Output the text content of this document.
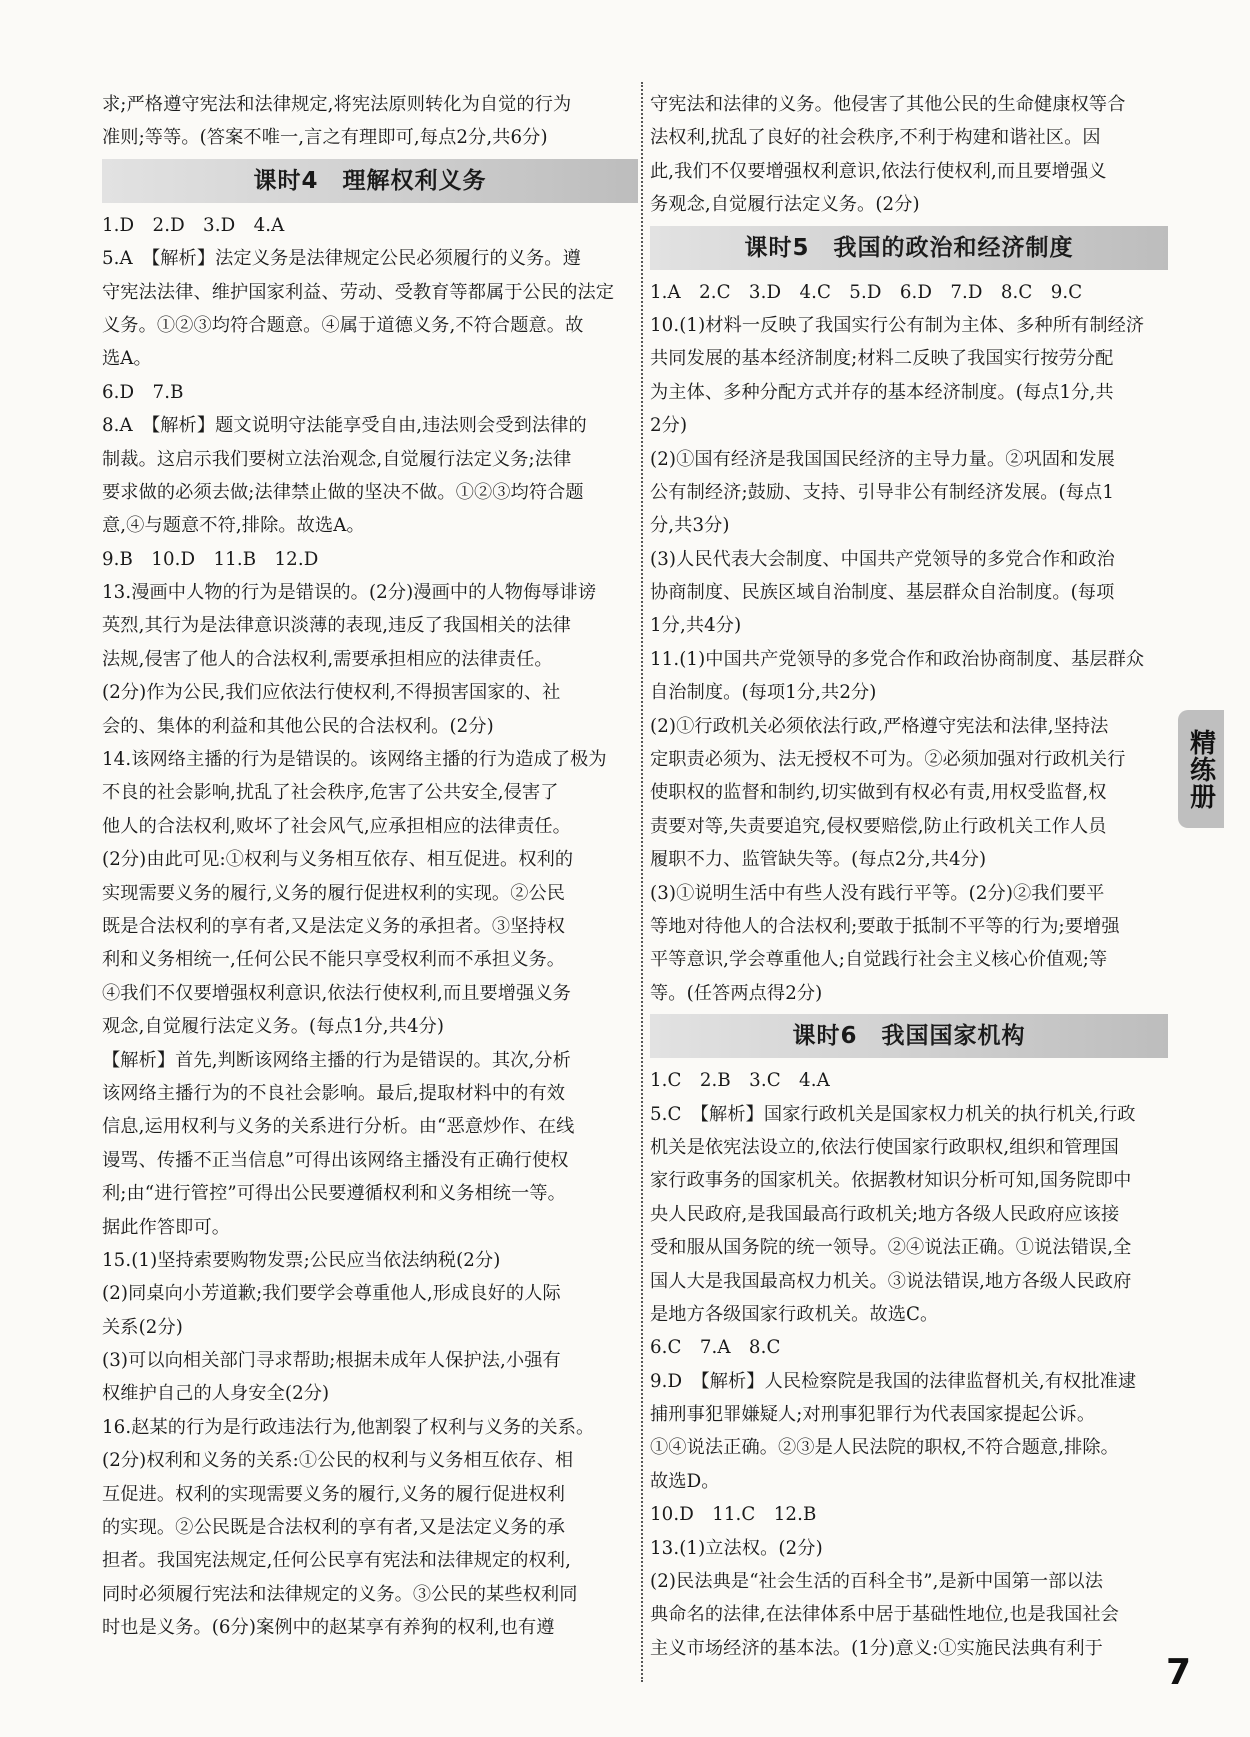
求;严格遵守宪法和法律规定,将宪法原则转化为自觉的行为
准则;等等。(答案不唯一,言之有理即可,每点2分,共6分)
课时4　理解权利义务
1.D　2.D　3.D　4.A
5.A　【解析】法定义务是法律规定公民必须履行的义务。遵
守宪法法律、维护国家利益、劳动、受教育等都属于公民的法定
义务。①②③均符合题意。④属于道德义务,不符合题意。故
选A。
6.D　7.B
8.A　【解析】题文说明守法能享受自由,违法则会受到法律的
制裁。这启示我们要树立法治观念,自觉履行法定义务;法律
要求做的必须去做;法律禁止做的坚决不做。①②③均符合题
意,④与题意不符,排除。故选A。
9.B　10.D　11.B　12.D
13.漫画中人物的行为是错误的。(2分)漫画中的人物侮辱诽谤
英烈,其行为是法律意识淡薄的表现,违反了我国相关的法律
法规,侵害了他人的合法权利,需要承担相应的法律责任。
(2分)作为公民,我们应依法行使权利,不得损害国家的、社
会的、集体的利益和其他公民的合法权利。(2分)
14.该网络主播的行为是错误的。该网络主播的行为造成了极为
不良的社会影响,扰乱了社会秩序,危害了公共安全,侵害了
他人的合法权利,败坏了社会风气,应承担相应的法律责任。
(2分)由此可见:①权利与义务相互依存、相互促进。权利的
实现需要义务的履行,义务的履行促进权利的实现。②公民
既是合法权利的享有者,又是法定义务的承担者。③坚持权
利和义务相统一,任何公民不能只享受权利而不承担义务。
④我们不仅要增强权利意识,依法行使权利,而且要增强义务
观念,自觉履行法定义务。(每点1分,共4分)
【解析】首先,判断该网络主播的行为是错误的。其次,分析
该网络主播行为的不良社会影响。最后,提取材料中的有效
信息,运用权利与义务的关系进行分析。由“恶意炒作、在线
谩骂、传播不正当信息”可得出该网络主播没有正确行使权
利;由“进行管控”可得出公民要遵循权利和义务相统一等。
据此作答即可。
15.(1)坚持索要购物发票;公民应当依法纳税(2分)
(2)同桌向小芳道歉;我们要学会尊重他人,形成良好的人际
关系(2分)
(3)可以向相关部门寻求帮助;根据未成年人保护法,小强有
权维护自己的人身安全(2分)
16.赵某的行为是行政违法行为,他割裂了权利与义务的关系。
(2分)权利和义务的关系:①公民的权利与义务相互依存、相
互促进。权利的实现需要义务的履行,义务的履行促进权利
的实现。②公民既是合法权利的享有者,又是法定义务的承
担者。我国宪法规定,任何公民享有宪法和法律规定的权利,
同时必须履行宪法和法律规定的义务。③公民的某些权利同
时也是义务。(6分)案例中的赵某享有养狗的权利,也有遵
守宪法和法律的义务。他侵害了其他公民的生命健康权等合
法权利,扰乱了良好的社会秩序,不利于构建和谐社区。因
此,我们不仅要增强权利意识,依法行使权利,而且要增强义
务观念,自觉履行法定义务。(2分)
课时5　我国的政治和经济制度
1.A　2.C　3.D　4.C　5.D　6.D　7.D　8.C　9.C
10.(1)材料一反映了我国实行公有制为主体、多种所有制经济
共同发展的基本经济制度;材料二反映了我国实行按劳分配
为主体、多种分配方式并存的基本经济制度。(每点1分,共
2分)
(2)①国有经济是我国国民经济的主导力量。②巩固和发展
公有制经济;鼓励、支持、引导非公有制经济发展。(每点1
分,共3分)
(3)人民代表大会制度、中国共产党领导的多党合作和政治
协商制度、民族区域自治制度、基层群众自治制度。(每项
1分,共4分)
11.(1)中国共产党领导的多党合作和政治协商制度、基层群众
自治制度。(每项1分,共2分)
(2)①行政机关必须依法行政,严格遵守宪法和法律,坚持法
定职责必须为、法无授权不可为。②必须加强对行政机关行
使职权的监督和制约,切实做到有权必有责,用权受监督,权
责要对等,失责要追究,侵权要赔偿,防止行政机关工作人员
履职不力、监管缺失等。(每点2分,共4分)
(3)①说明生活中有些人没有践行平等。(2分)②我们要平
等地对待他人的合法权利;要敢于抵制不平等的行为;要增强
平等意识,学会尊重他人;自觉践行社会主义核心价值观;等
等。(任答两点得2分)
课时6　我国国家机构
1.C　2.B　3.C　4.A
5.C　【解析】国家行政机关是国家权力机关的执行机关,行政
机关是依宪法设立的,依法行使国家行政职权,组织和管理国
家行政事务的国家机关。依据教材知识分析可知,国务院即中
央人民政府,是我国最高行政机关;地方各级人民政府应该接
受和服从国务院的统一领导。②④说法正确。①说法错误,全
国人大是我国最高权力机关。③说法错误,地方各级人民政府
是地方各级国家行政机关。故选C。
6.C　7.A　8.C
9.D　【解析】人民检察院是我国的法律监督机关,有权批准逮
捕刑事犯罪嫌疑人;对刑事犯罪行为代表国家提起公诉。
①④说法正确。②③是人民法院的职权,不符合题意,排除。
故选D。
10.D　11.C　12.B
13.(1)立法权。(2分)
(2)民法典是“社会生活的百科全书”,是新中国第一部以法
典命名的法律,在法律体系中居于基础性地位,也是我国社会
主义市场经济的基本法。(1分)意义:①实施民法典有利于
精练册
7
